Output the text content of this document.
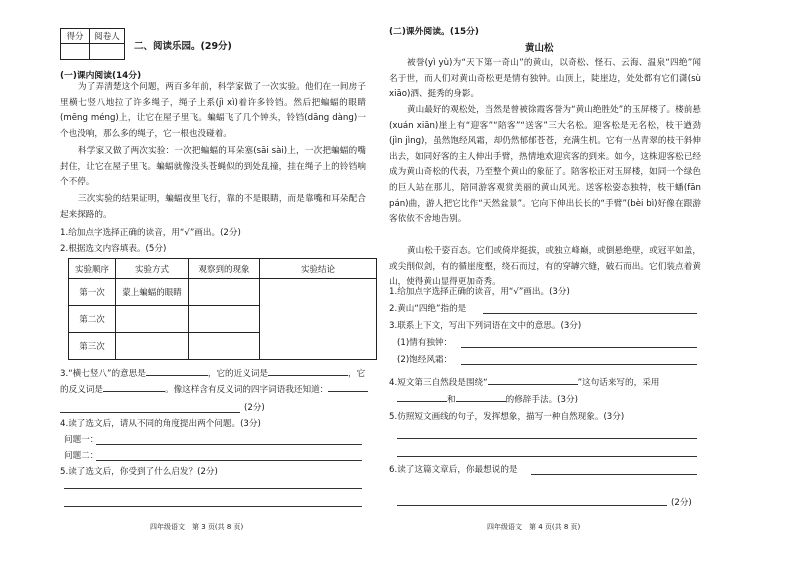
得分	阅卷人

二、阅读乐园。(29分)
(一)课内阅读(14分)
为了弄清楚这个问题，两百多年前，科学家做了一次实验。他们在一间房子里横七竖八地拉了许多绳子，绳子上系(jì xì)着许多铃铛。然后把蝙蝠的眼睛(mēng méng)上，让它在屋子里飞。蝙蝠飞了几个钟头，铃铛(dāng dàng)一个也没响，那么多的绳子，它一根也没碰着。
科学家又做了两次实验：一次把蝙蝠的耳朵塞(sāi sài)上，一次把蝙蝠的嘴封住，让它在屋子里飞。蝙蝠就像没头苍蝇似的到处乱撞，挂在绳子上的铃铛响个不停。
三次实验的结果证明，蝙蝠夜里飞行，靠的不是眼睛，而是靠嘴和耳朵配合起来探路的。
1.给加点字选择正确的读音，用“√”画出。(2分)
2.根据选文内容填表。(5分)
实验顺序	实验方式	观察到的现象	实验结论
第一次	蒙上蝙蝠的眼睛		
第二次			
第三次			
3.“横七竖八”的意思是	，它的近义词是	，它
的反义词是	。像这样含有反义词的四字词语我还知道：
(2分)
4.读了选文后，请从不同的角度提出两个问题。(3分)
问题一：
问题二：
5.读了选文后，你受到了什么启发？(2分)
四年级语文　第 3 页(共 8 页)
(二)课外阅读。(15分)
黄山松
被誉(yì yù)为“天下第一奇山”的黄山，以奇松、怪石、云海、温泉“四绝”闻名于世，而人们对黄山奇松更是情有独钟。山顶上，陡崖边，处处都有它们潇(sù xiāo)洒、挺秀的身影。
黄山最好的观松处，当然是曾被徐霞客誉为“黄山绝胜处”的玉屏楼了。楼前悬(xuán xiān)崖上有“迎客”“陪客”“送客”三大名松。迎客松是无名松，枝干遒劲(jìn jìng)，虽然饱经风霜，却仍然郁郁苍苍，充满生机。它有一丛青翠的枝干斜伸出去，如同好客的主人伸出手臂，热情地欢迎宾客的到来。如今，这株迎客松已经成为黄山奇松的代表，乃至整个黄山的象征了。陪客松正对玉屏楼，如同一个绿色的巨人站在那儿，陪同游客观赏美丽的黄山风光。送客松姿态独特，枝干蟠(fān pán)曲，游人把它比作“天然盆景”。它向下伸出长长的“手臂”(bèi bì)好像在跟游客依依不舍地告别。
黄山松千姿百态。它们或倚岸挺拔，或独立峰巅，或倒悬绝壁，或冠平如盖，或尖削似剑，有的循崖度壑，绕石而过，有的穿罅穴缝，破石而出。它们装点着黄山，使得黄山显得更加奇秀。
1.给加点字选择正确的读音，用“√”画出。(3分)
2.黄山“四绝”指的是
3.联系上下文，写出下列词语在文中的意思。(3分)
(1)情有独钟：
(2)饱经风霜：
4.短文第三自然段是围绕“	”这句话来写的，采用
和	的修辞手法。(3分)
5.仿照短文画线的句子，发挥想象，描写一种自然现象。(3分)
6.读了这篇文章后，你最想说的是
(2分)
四年级语文　第 4 页(共 8 页)
